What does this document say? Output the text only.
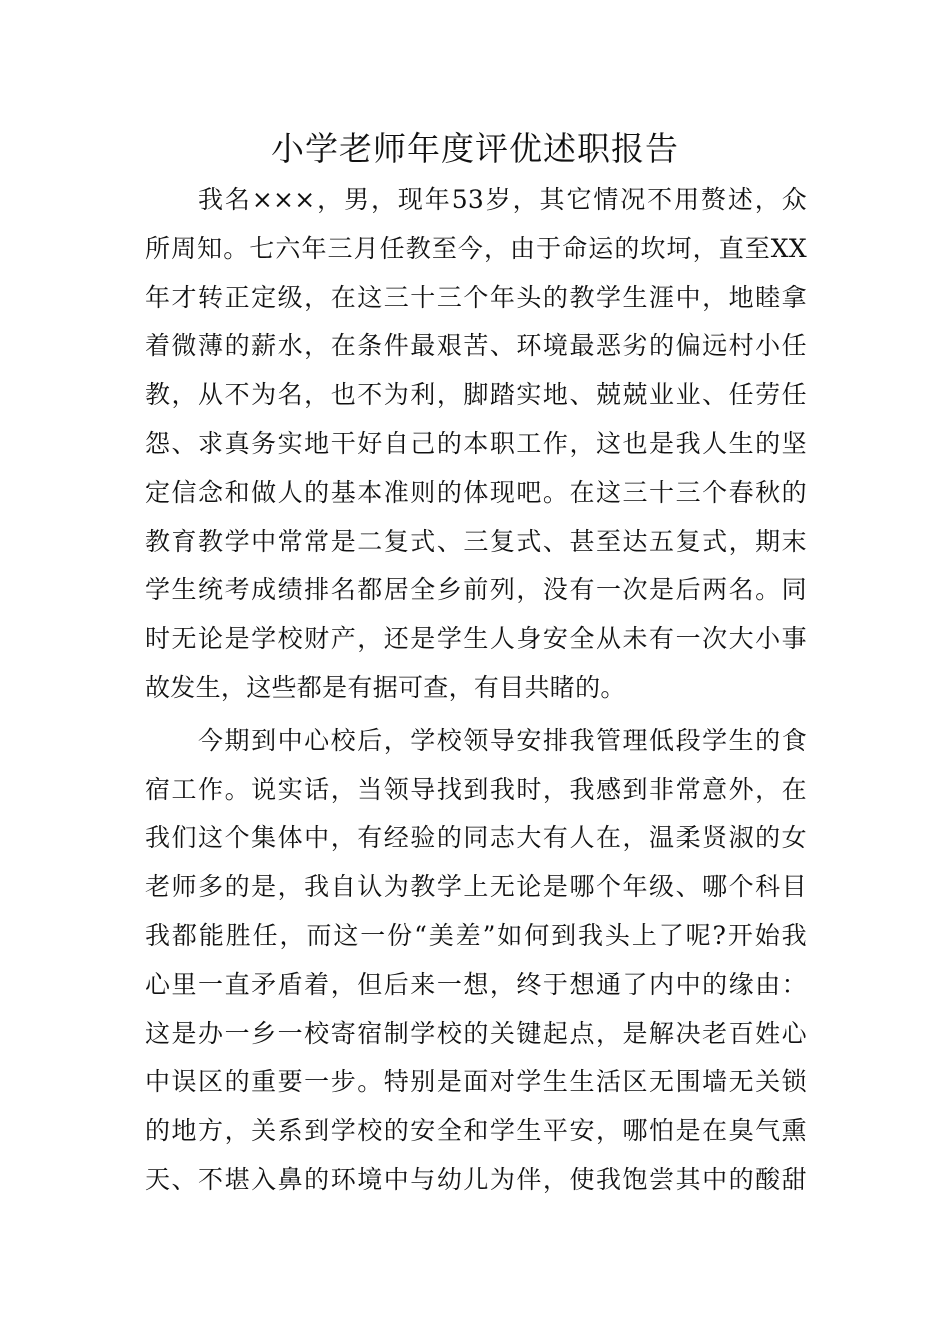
小学老师年度评优述职报告

我名×××，男，现年53岁，其它情况不用赘述，众
所周知。七六年三月任教至今，由于命运的坎坷，直至XX
年才转正定级，在这三十三个年头的教学生涯中，地睦拿
着微薄的薪水，在条件最艰苦、环境最恶劣的偏远村小任
教，从不为名，也不为利，脚踏实地、兢兢业业、任劳任
怨、求真务实地干好自己的本职工作，这也是我人生的坚
定信念和做人的基本准则的体现吧。在这三十三个春秋的
教育教学中常常是二复式、三复式、甚至达五复式，期末
学生统考成绩排名都居全乡前列，没有一次是后两名。同
时无论是学校财产，还是学生人身安全从未有一次大小事
故发生，这些都是有据可查，有目共睹的。

今期到中心校后，学校领导安排我管理低段学生的食
宿工作。说实话，当领导找到我时，我感到非常意外，在
我们这个集体中，有经验的同志大有人在，温柔贤淑的女
老师多的是，我自认为教学上无论是哪个年级、哪个科目
我都能胜任，而这一份“美差”如何到我头上了呢?开始我
心里一直矛盾着，但后来一想，终于想通了内中的缘由：
这是办一乡一校寄宿制学校的关键起点，是解决老百姓心
中误区的重要一步。特别是面对学生生活区无围墙无关锁
的地方，关系到学校的安全和学生平安，哪怕是在臭气熏
天、不堪入鼻的环境中与幼儿为伴，使我饱尝其中的酸甜
